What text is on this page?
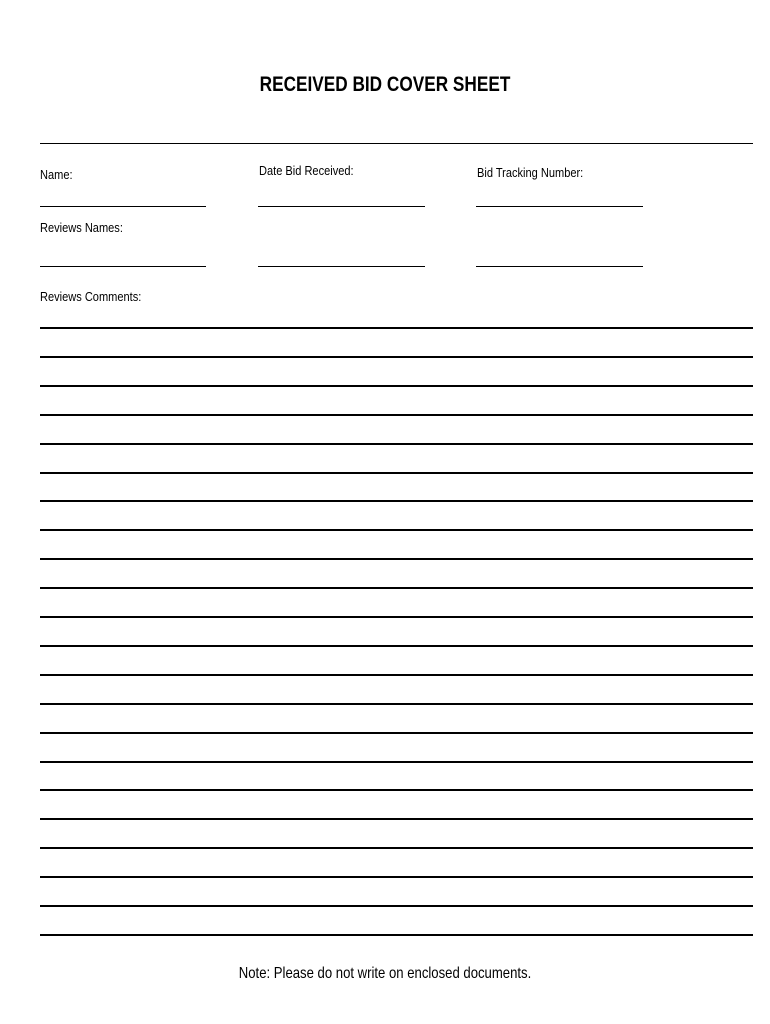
RECEIVED BID COVER SHEET
Name:	Date Bid Received:	Bid Tracking Number:
Reviews Names:
Reviews Comments:
Note: Please do not write on enclosed documents.
